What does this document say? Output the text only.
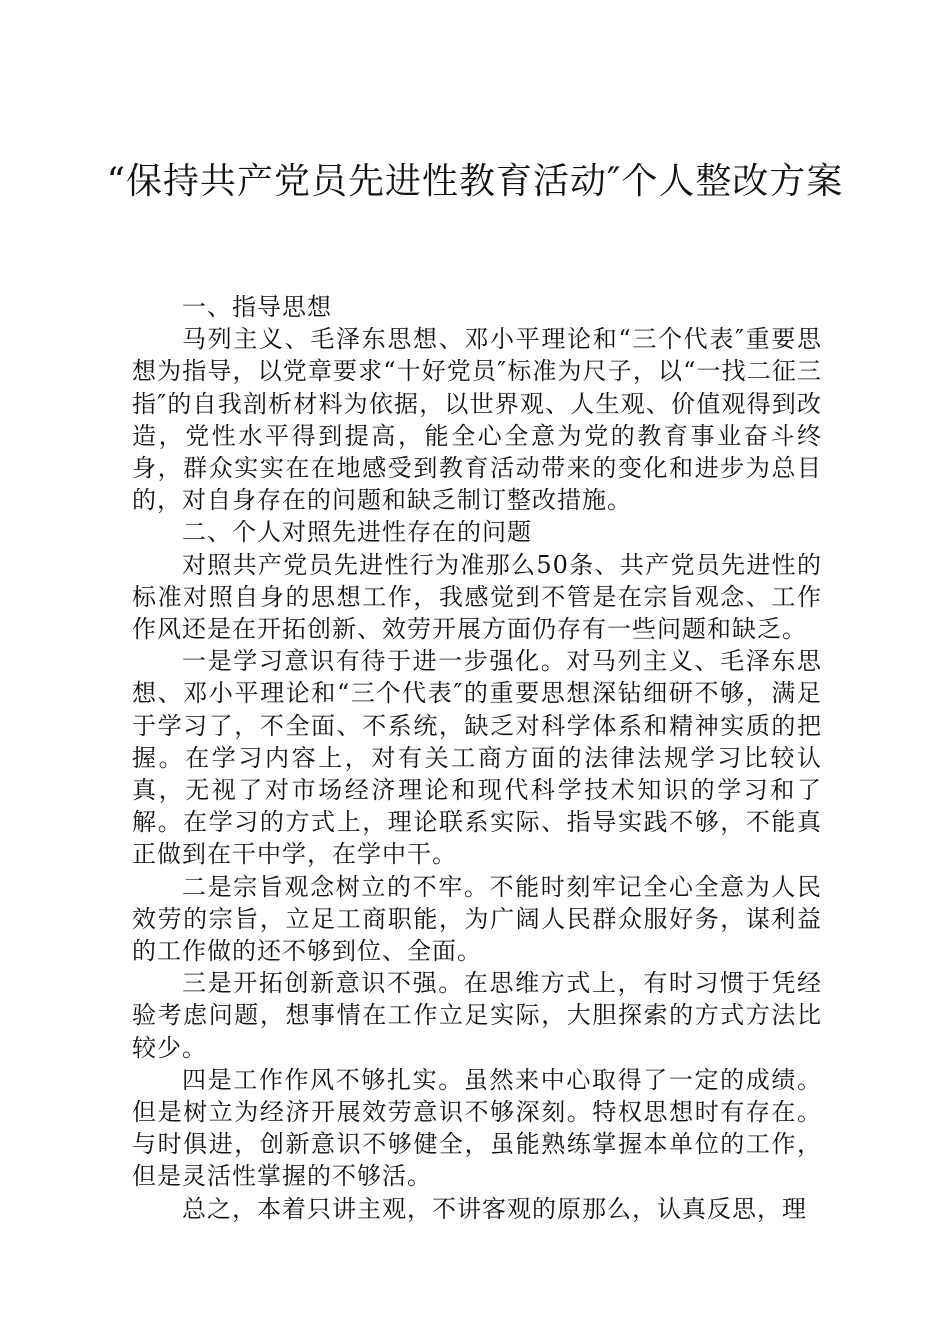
“保持共产党员先进性教育活动″个人整改方案

一、指导思想

马列主义、毛泽东思想、邓小平理论和“三个代表″重要思想为指导，以党章要求“十好党员″标准为尺子，以“一找二征三指″的自我剖析材料为依据，以世界观、人生观、价值观得到改造，党性水平得到提高，能全心全意为党的教育事业奋斗终身，群众实实在在地感受到教育活动带来的变化和进步为总目的，对自身存在的问题和缺乏制订整改措施。

二、个人对照先进性存在的问题

对照共产党员先进性行为准那么50条、共产党员先进性的标准对照自身的思想工作，我感觉到不管是在宗旨观念、工作作风还是在开拓创新、效劳开展方面仍存有一些问题和缺乏。

一是学习意识有待于进一步强化。对马列主义、毛泽东思想、邓小平理论和“三个代表″的重要思想深钻细研不够，满足于学习了，不全面、不系统，缺乏对科学体系和精神实质的把握。在学习内容上，对有关工商方面的法律法规学习比较认真，无视了对市场经济理论和现代科学技术知识的学习和了解。在学习的方式上，理论联系实际、指导实践不够，不能真正做到在干中学，在学中干。

二是宗旨观念树立的不牢。不能时刻牢记全心全意为人民效劳的宗旨，立足工商职能，为广阔人民群众服好务，谋利益的工作做的还不够到位、全面。

三是开拓创新意识不强。在思维方式上，有时习惯于凭经验考虑问题，想事情在工作立足实际，大胆探索的方式方法比较少。

四是工作作风不够扎实。虽然来中心取得了一定的成绩。但是树立为经济开展效劳意识不够深刻。特权思想时有存在。与时俱进，创新意识不够健全，虽能熟练掌握本单位的工作，但是灵活性掌握的不够活。

总之，本着只讲主观，不讲客观的原那么，认真反思，理
